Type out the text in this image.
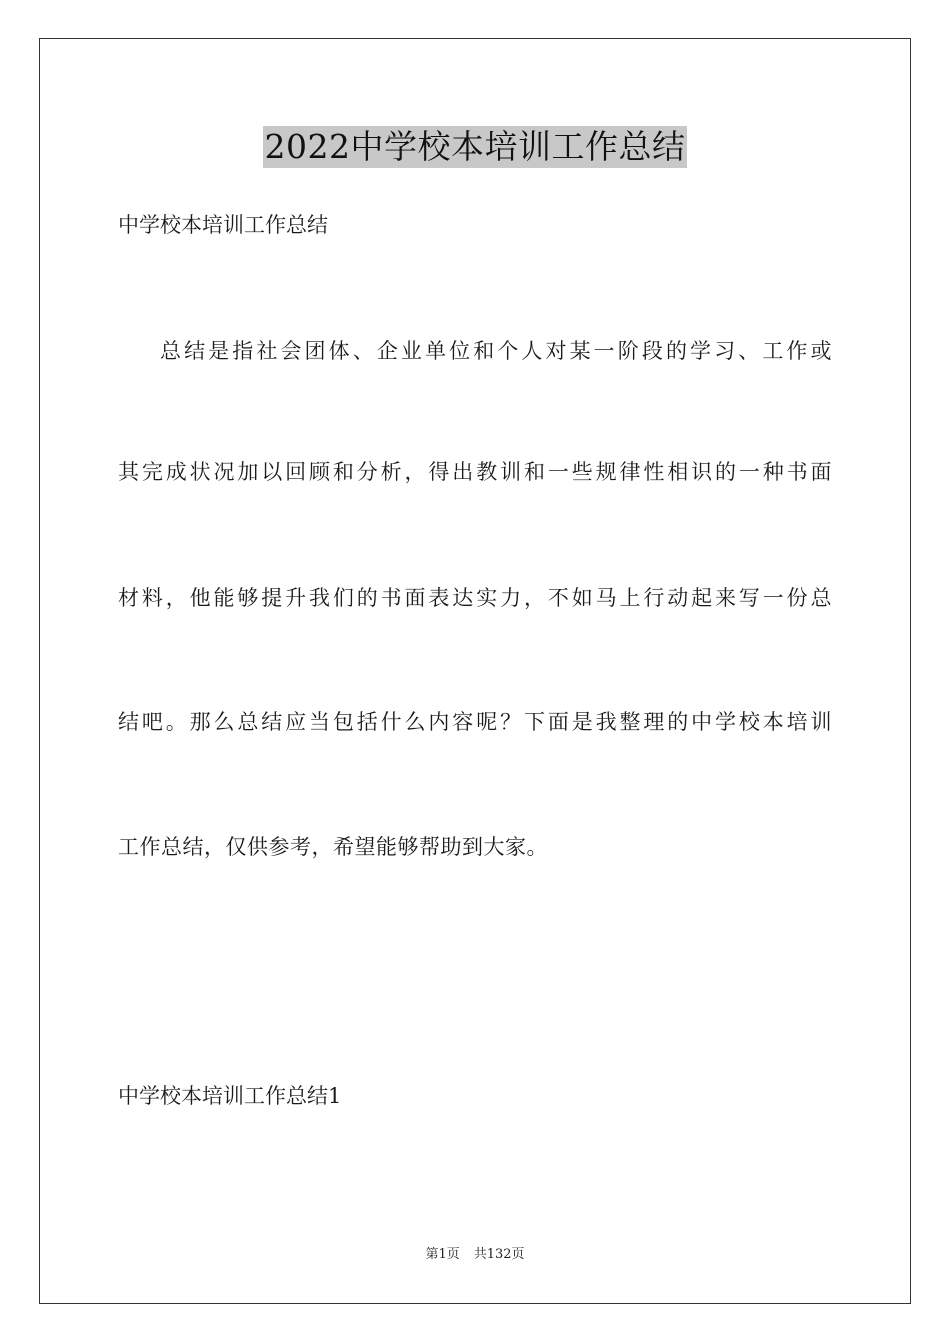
2022中学校本培训工作总结
中学校本培训工作总结
总结是指社会团体、企业单位和个人对某一阶段的学习、工作或
其完成状况加以回顾和分析，得出教训和一些规律性相识的一种书面
材料，他能够提升我们的书面表达实力，不如马上行动起来写一份总
结吧。那么总结应当包括什么内容呢？下面是我整理的中学校本培训
工作总结，仅供参考，希望能够帮助到大家。
中学校本培训工作总结1
第1页 共132页
